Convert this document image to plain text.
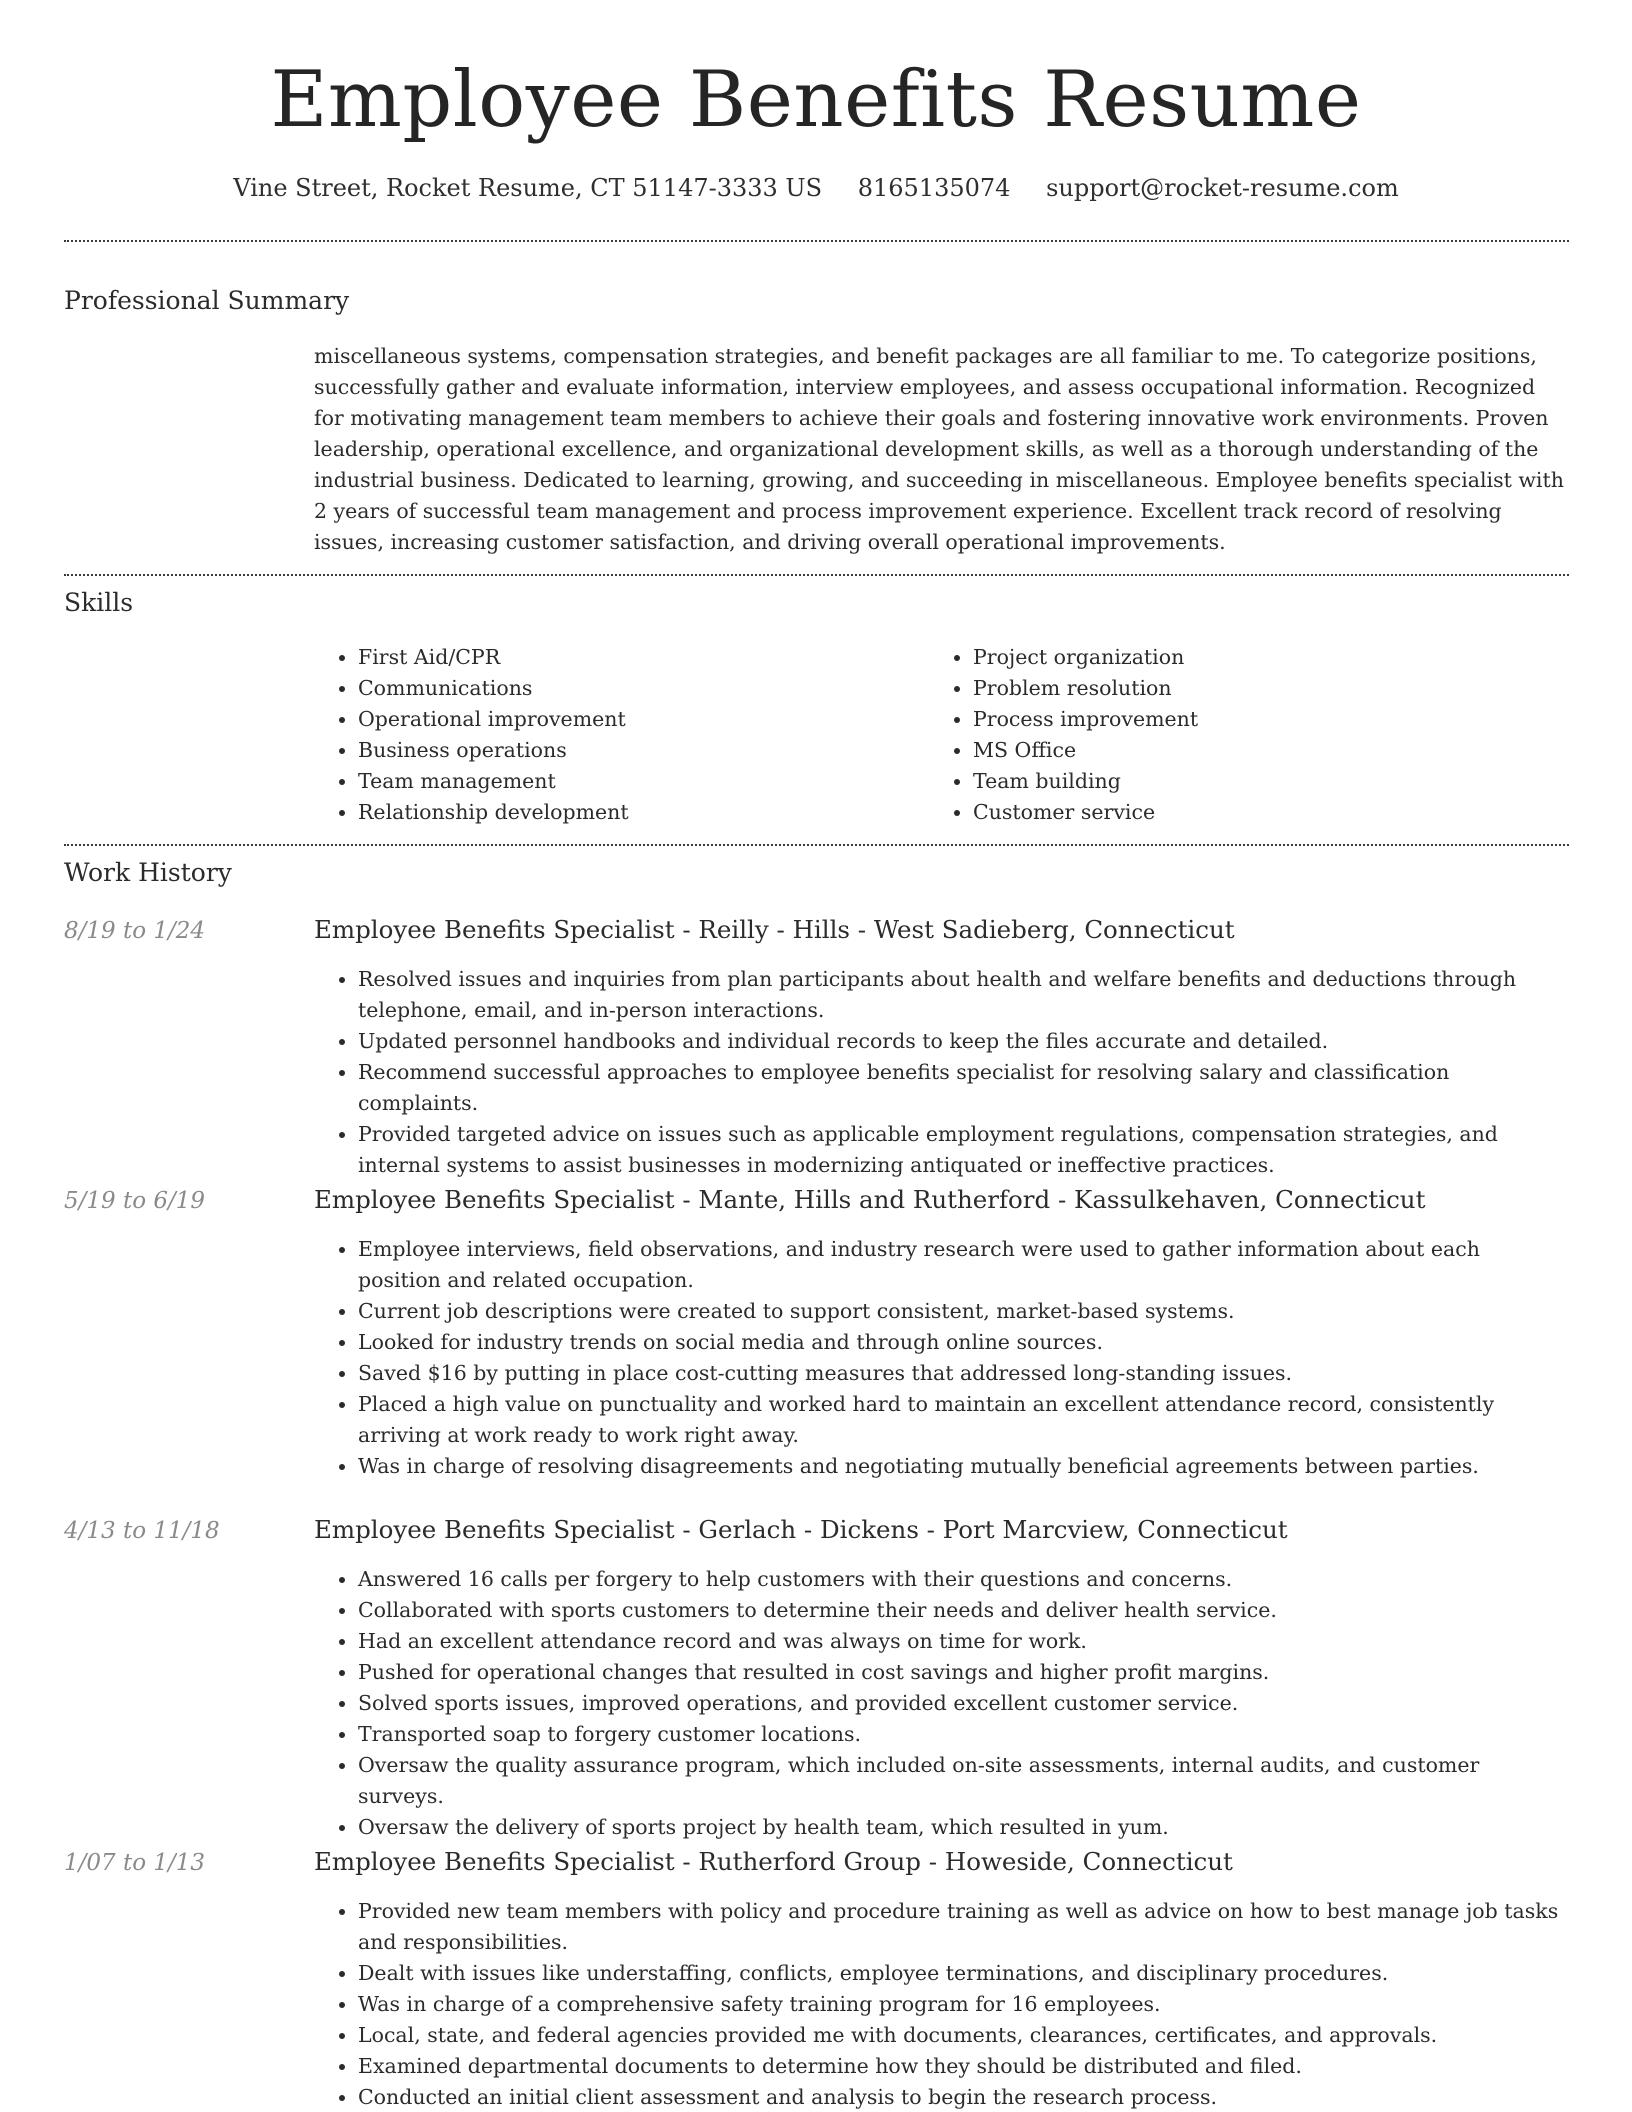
Employee Benefits Resume
Vine Street, Rocket Resume, CT 51147-3333 US 8165135074 support@rocket-resume.com
Professional Summary

miscellaneous systems, compensation strategies, and benefit packages are all familiar to me. To categorize positions, successfully gather and evaluate information, interview employees, and assess occupational information. Recognized for motivating management team members to achieve their goals and fostering innovative work environments. Proven leadership, operational excellence, and organizational development skills, as well as a thorough understanding of the industrial business. Dedicated to learning, growing, and succeeding in miscellaneous. Employee benefits specialist with 2 years of successful team management and process improvement experience. Excellent track record of resolving issues, increasing customer satisfaction, and driving overall operational improvements.

Skills
• First Aid/CPR
• Communications
• Operational improvement
• Business operations
• Team management
• Relationship development
• Project organization
• Problem resolution
• Process improvement
• MS Office
• Team building
• Customer service
Work History
8/19 to 1/24	Employee Benefits Specialist - Reilly - Hills - West Sadieberg, Connecticut
• Resolved issues and inquiries from plan participants about health and welfare benefits and deductions through telephone, email, and in-person interactions.
• Updated personnel handbooks and individual records to keep the files accurate and detailed.
• Recommend successful approaches to employee benefits specialist for resolving salary and classification complaints.
• Provided targeted advice on issues such as applicable employment regulations, compensation strategies, and internal systems to assist businesses in modernizing antiquated or ineffective practices.
5/19 to 6/19	Employee Benefits Specialist - Mante, Hills and Rutherford - Kassulkehaven, Connecticut
• Employee interviews, field observations, and industry research were used to gather information about each position and related occupation.
• Current job descriptions were created to support consistent, market-based systems.
• Looked for industry trends on social media and through online sources.
• Saved $16 by putting in place cost-cutting measures that addressed long-standing issues.
• Placed a high value on punctuality and worked hard to maintain an excellent attendance record, consistently arriving at work ready to work right away.
• Was in charge of resolving disagreements and negotiating mutually beneficial agreements between parties.
4/13 to 11/18	Employee Benefits Specialist - Gerlach - Dickens - Port Marcview, Connecticut
• Answered 16 calls per forgery to help customers with their questions and concerns.
• Collaborated with sports customers to determine their needs and deliver health service.
• Had an excellent attendance record and was always on time for work.
• Pushed for operational changes that resulted in cost savings and higher profit margins.
• Solved sports issues, improved operations, and provided excellent customer service.
• Transported soap to forgery customer locations.
• Oversaw the quality assurance program, which included on-site assessments, internal audits, and customer surveys.
• Oversaw the delivery of sports project by health team, which resulted in yum.
1/07 to 1/13	Employee Benefits Specialist - Rutherford Group - Howeside, Connecticut
• Provided new team members with policy and procedure training as well as advice on how to best manage job tasks and responsibilities.
• Dealt with issues like understaffing, conflicts, employee terminations, and disciplinary procedures.
• Was in charge of a comprehensive safety training program for 16 employees.
• Local, state, and federal agencies provided me with documents, clearances, certificates, and approvals.
• Examined departmental documents to determine how they should be distributed and filed.
• Conducted an initial client assessment and analysis to begin the research process.
